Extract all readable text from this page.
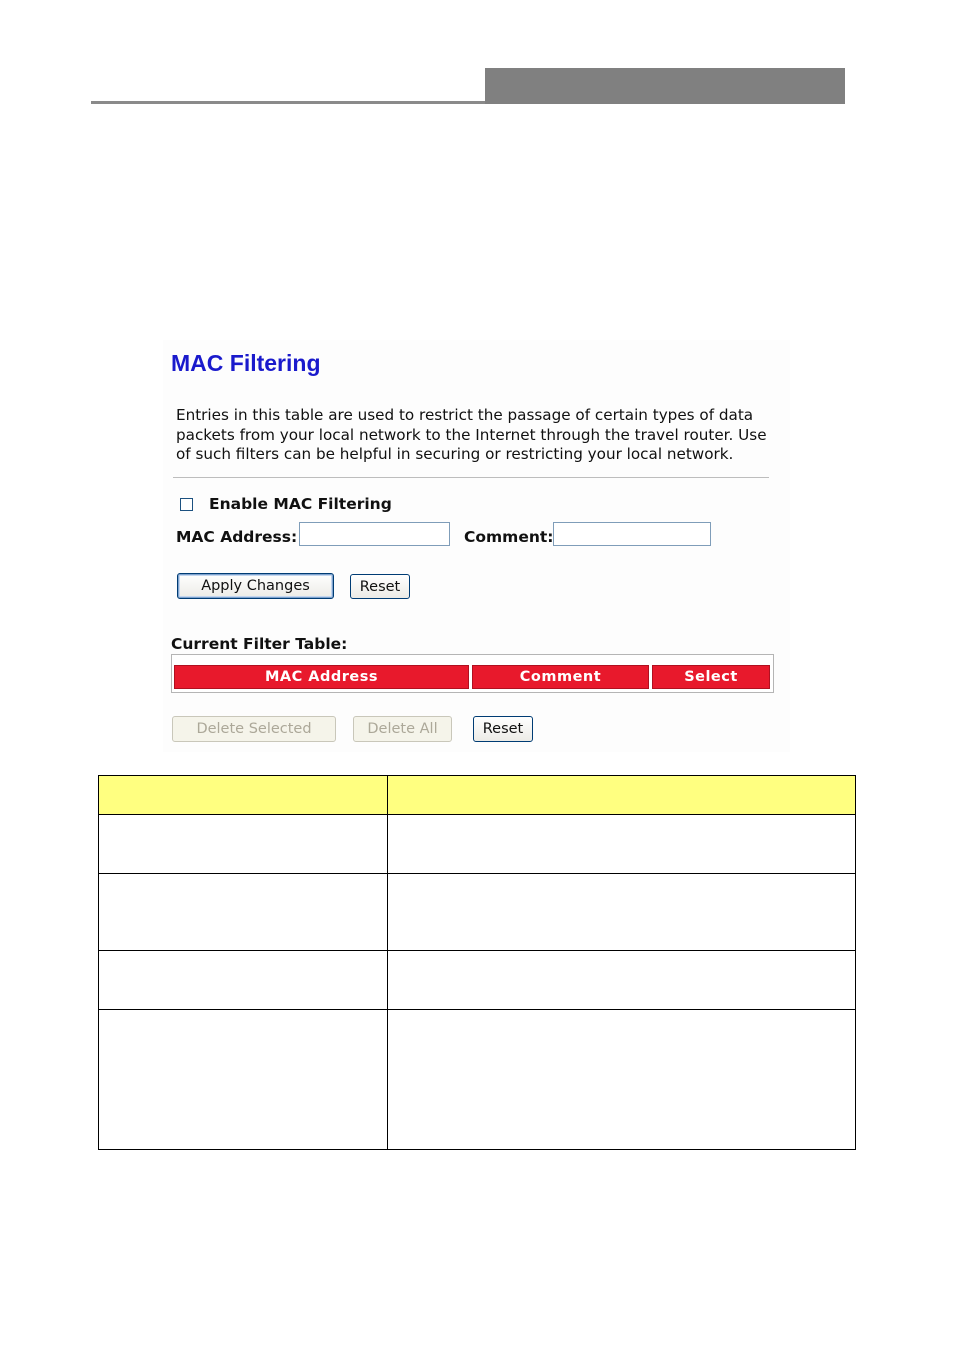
MAC Filtering
Entries in this table are used to restrict the passage of certain types of data packets from your local network to the Internet through the travel router. Use of such filters can be helpful in securing or restricting your local network.
Enable MAC Filtering
MAC Address:	Comment:
Apply Changes	Reset
Current Filter Table:
MAC Address	Comment	Select
Delete Selected	Delete All	Reset
